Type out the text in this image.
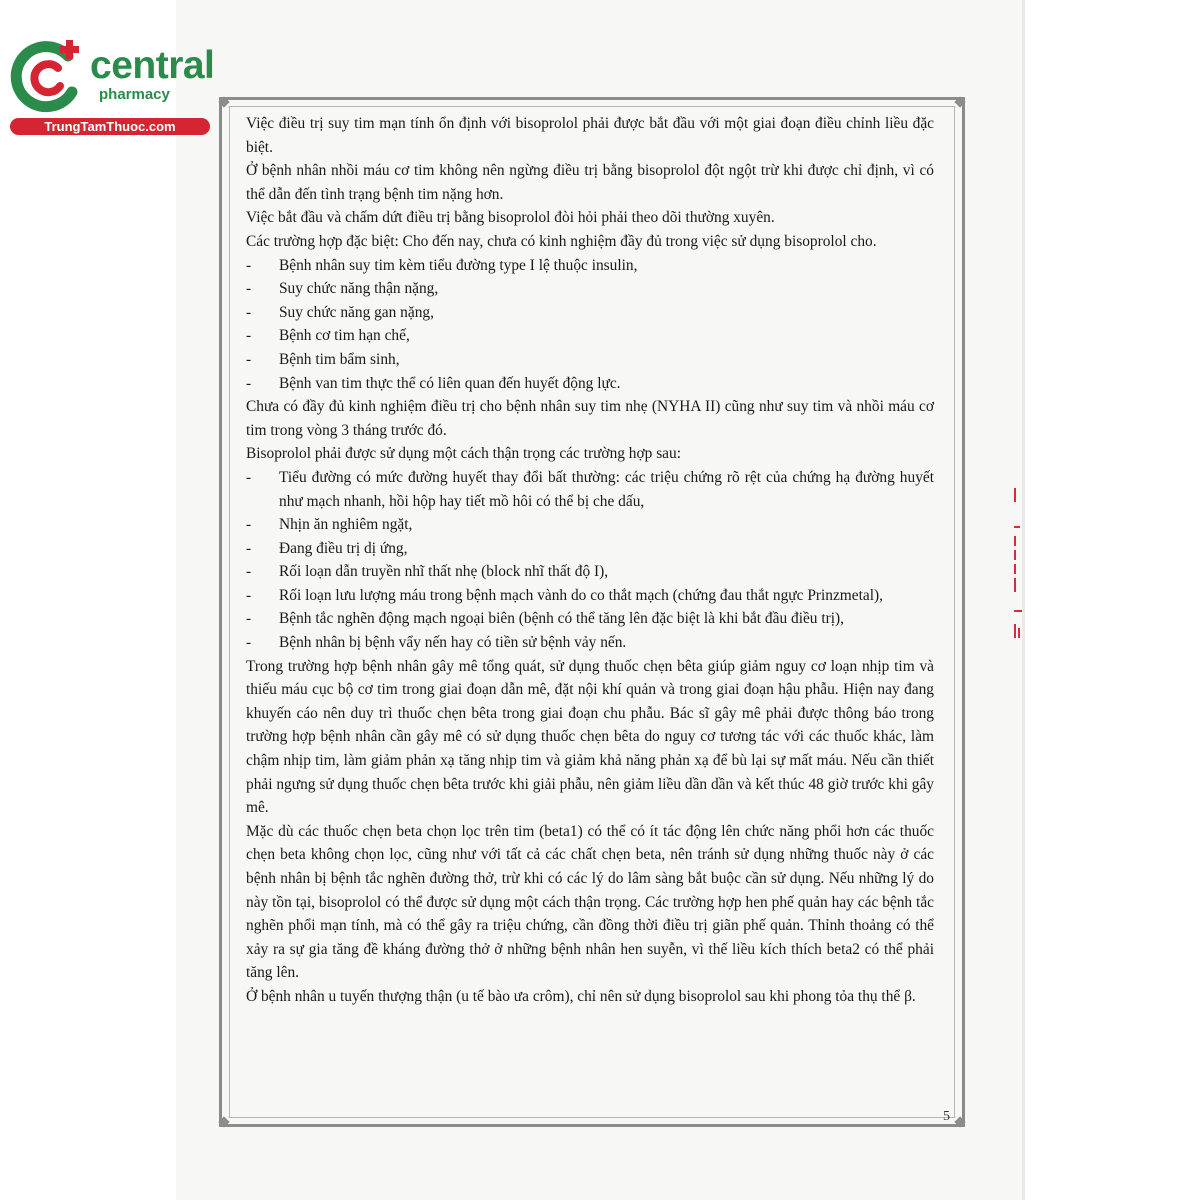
central
pharmacy
TrungTamThuoc.com	Việc điều trị suy tim mạn tính ổn định với bisoprolol phải được bắt đầu với một giai đoạn điều chỉnh liều đặc biệt.

Ở bệnh nhân nhồi máu cơ tim không nên ngừng điều trị bằng bisoprolol đột ngột trừ khi được chỉ định, vì có thể dẫn đến tình trạng bệnh tim nặng hơn.

Việc bắt đầu và chấm dứt điều trị bằng bisoprolol đòi hỏi phải theo dõi thường xuyên.

Các trường hợp đặc biệt: Cho đến nay, chưa có kinh nghiệm đầy đủ trong việc sử dụng bisoprolol cho.

- Bệnh nhân suy tim kèm tiểu đường type I lệ thuộc insulin,
- Suy chức năng thận nặng,
- Suy chức năng gan nặng,
- Bệnh cơ tim hạn chế,
- Bệnh tim bẩm sinh,
- Bệnh van tim thực thể có liên quan đến huyết động lực.

Chưa có đầy đủ kinh nghiệm điều trị cho bệnh nhân suy tim nhẹ (NYHA II) cũng như suy tim và nhồi máu cơ tim trong vòng 3 tháng trước đó.

Bisoprolol phải được sử dụng một cách thận trọng các trường hợp sau:

- Tiểu đường có mức đường huyết thay đổi bất thường: các triệu chứng rõ rệt của chứng hạ đường huyết như mạch nhanh, hồi hộp hay tiết mồ hôi có thể bị che dấu,
- Nhịn ăn nghiêm ngặt,
- Đang điều trị dị ứng,
- Rối loạn dẫn truyền nhĩ thất nhẹ (block nhĩ thất độ I),
- Rối loạn lưu lượng máu trong bệnh mạch vành do co thắt mạch (chứng đau thắt ngực Prinzmetal),
- Bệnh tắc nghẽn động mạch ngoại biên (bệnh có thể tăng lên đặc biệt là khi bắt đầu điều trị),
- Bệnh nhân bị bệnh vẩy nến hay có tiền sử bệnh vảy nến.

Trong trường hợp bệnh nhân gây mê tổng quát, sử dụng thuốc chẹn bêta giúp giảm nguy cơ loạn nhịp tim và thiếu máu cục bộ cơ tim trong giai đoạn dẫn mê, đặt nội khí quản và trong giai đoạn hậu phẫu. Hiện nay đang khuyến cáo nên duy trì thuốc chẹn bêta trong giai đoạn chu phẫu. Bác sĩ gây mê phải được thông báo trong trường hợp bệnh nhân cần gây mê có sử dụng thuốc chẹn bêta do nguy cơ tương tác với các thuốc khác, làm chậm nhịp tim, làm giảm phản xạ tăng nhịp tim và giảm khả năng phản xạ để bù lại sự mất máu. Nếu cần thiết phải ngưng sử dụng thuốc chẹn bêta trước khi giải phẫu, nên giảm liều dần dần và kết thúc 48 giờ trước khi gây mê.

Mặc dù các thuốc chẹn beta chọn lọc trên tim (beta1) có thể có ít tác động lên chức năng phổi hơn các thuốc chẹn beta không chọn lọc, cũng như với tất cả các chất chẹn beta, nên tránh sử dụng những thuốc này ở các bệnh nhân bị bệnh tắc nghẽn đường thở, trừ khi có các lý do lâm sàng bắt buộc cần sử dụng. Nếu những lý do này tồn tại, bisoprolol có thể được sử dụng một cách thận trọng. Các trường hợp hen phế quản hay các bệnh tắc nghẽn phổi mạn tính, mà có thể gây ra triệu chứng, cần đồng thời điều trị giãn phế quản. Thỉnh thoảng có thể xảy ra sự gia tăng đề kháng đường thở ở những bệnh nhân hen suyễn, vì thế liều kích thích beta2 có thể phải tăng lên.

Ở bệnh nhân u tuyến thượng thận (u tế bào ưa crôm), chỉ nên sử dụng bisoprolol sau khi phong tỏa thụ thể β.

5
